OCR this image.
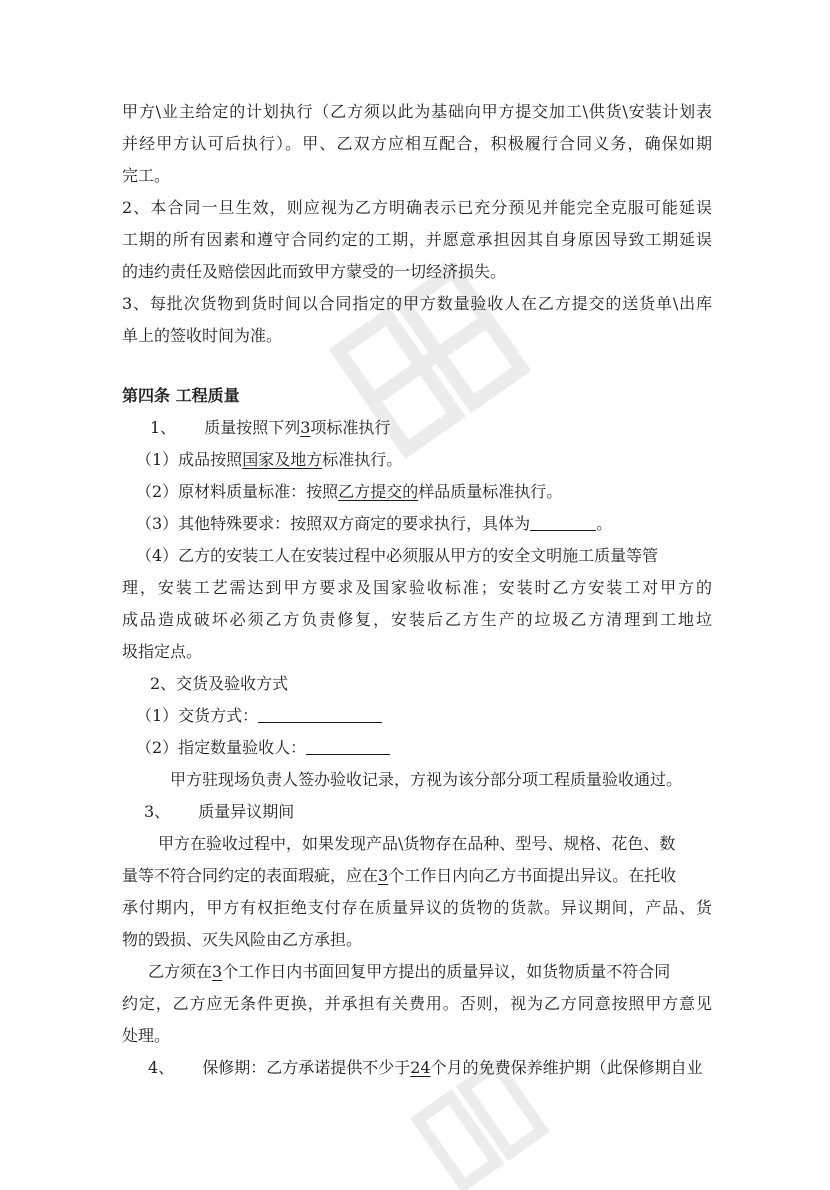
甲方\业主给定的计划执行（乙方须以此为基础向甲方提交加工\供货\安装计划表
并经甲方认可后执行）。甲、乙双方应相互配合，积极履行合同义务，确保如期
完工。
2、本合同一旦生效，则应视为乙方明确表示已充分预见并能完全克服可能延误
工期的所有因素和遵守合同约定的工期，并愿意承担因其自身原因导致工期延误
的违约责任及赔偿因此而致甲方蒙受的一切经济损失。
3、每批次货物到货时间以合同指定的甲方数量验收人在乙方提交的送货单\出库
单上的签收时间为准。
第四条 工程质量
1、 质量按照下列3项标准执行
（1）成品按照国家及地方标准执行。
（2）原材料质量标准：按照乙方提交的样品质量标准执行。
（3）其他特殊要求：按照双方商定的要求执行，具体为	。
（4）乙方的安装工人在安装过程中必须服从甲方的安全文明施工质量等管
理，安装工艺需达到甲方要求及国家验收标准；安装时乙方安装工对甲方的
成品造成破坏必须乙方负责修复，安装后乙方生产的垃圾乙方清理到工地垃
圾指定点。
2、交货及验收方式
（1）交货方式：
（2）指定数量验收人：
甲方驻现场负责人签办验收记录，方视为该分部分项工程质量验收通过。
3、 质量异议期间
甲方在验收过程中，如果发现产品\货物存在品种、型号、规格、花色、数
量等不符合同约定的表面瑕疵，应在3个工作日内向乙方书面提出异议。在托收
承付期内，甲方有权拒绝支付存在质量异议的货物的货款。异议期间，产品、货
物的毁损、灭失风险由乙方承担。
乙方须在3个工作日内书面回复甲方提出的质量异议，如货物质量不符合同
约定，乙方应无条件更换，并承担有关费用。否则，视为乙方同意按照甲方意见
处理。
4、 保修期：乙方承诺提供不少于24个月的免费保养维护期（此保修期自业
